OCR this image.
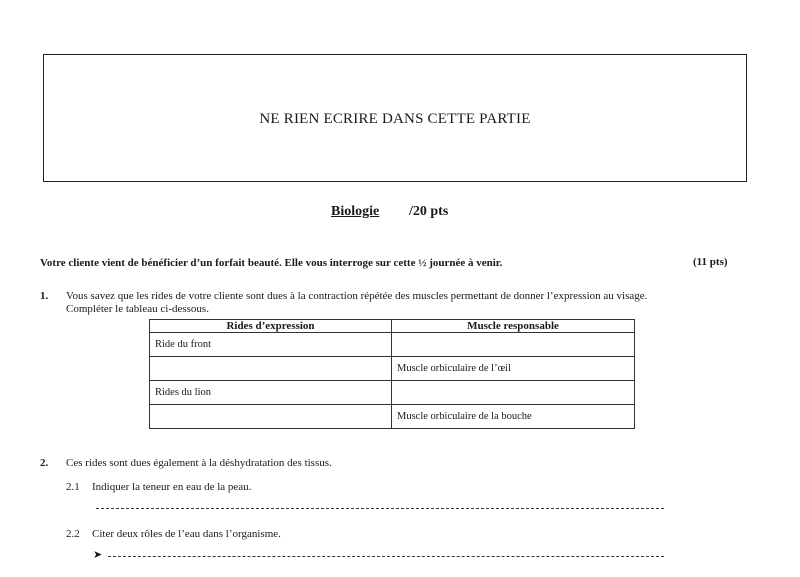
NE RIEN ECRIRE DANS CETTE PARTIE
Biologie /20 pts
Votre cliente vient de bénéficier d’un forfait beauté. Elle vous interroge sur cette ½ journée à venir.	(11 pts)
1. Vous savez que les rides de votre cliente sont dues à la contraction répétée des muscles permettant de donner l’expression au visage.
Compléter le tableau ci-dessous.
Rides d’expression	Muscle responsable
Ride du front	
	Muscle orbiculaire de l’œil
Rides du lion	
	Muscle orbiculaire de la bouche
2. Ces rides sont dues également à la déshydratation des tissus.
2.1 Indiquer la teneur en eau de la peau.
2.2 Citer deux rôles de l’eau dans l’organisme.
➤
